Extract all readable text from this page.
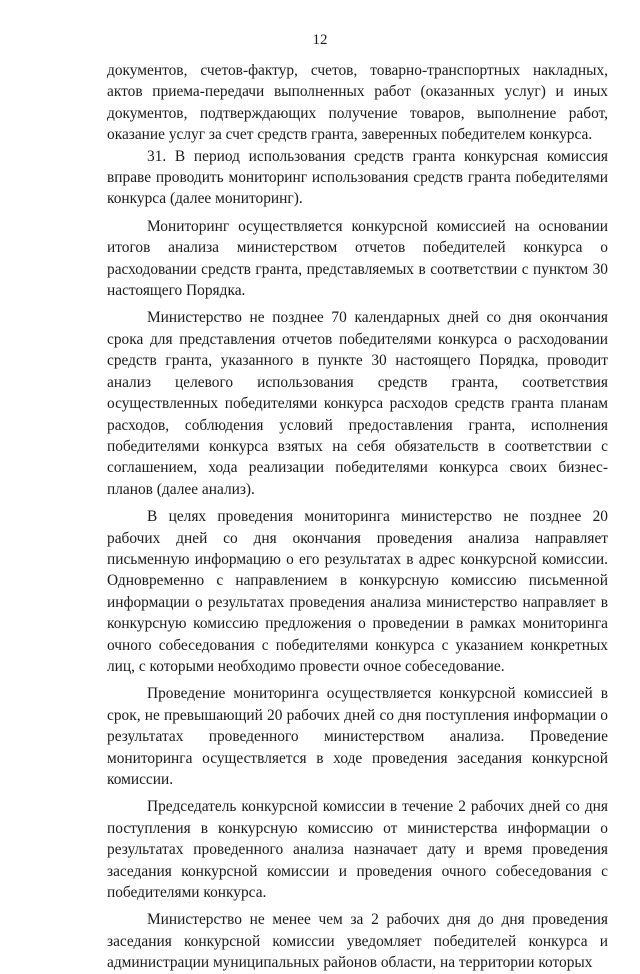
12

документов, счетов-фактур, счетов, товарно-транспортных накладных, актов приема-передачи выполненных работ (оказанных услуг) и иных документов, подтверждающих получение товаров, выполнение работ, оказание услуг за счет средств гранта, заверенных победителем конкурса.

31. В период использования средств гранта конкурсная комиссия вправе проводить мониторинг использования средств гранта победителями конкурса (далее мониторинг).

Мониторинг осуществляется конкурсной комиссией на основании итогов анализа министерством отчетов победителей конкурса о расходовании средств гранта, представляемых в соответствии с пунктом 30 настоящего Порядка.

Министерство не позднее 70 календарных дней со дня окончания срока для представления отчетов победителями конкурса о расходовании средств гранта, указанного в пункте 30 настоящего Порядка, проводит анализ целевого использования средств гранта, соответствия осуществленных победителями конкурса расходов средств гранта планам расходов, соблюдения условий предоставления гранта, исполнения победителями конкурса взятых на себя обязательств в соответствии с соглашением, хода реализации победителями конкурса своих бизнес-планов (далее анализ).

В целях проведения мониторинга министерство не позднее 20 рабочих дней со дня окончания проведения анализа направляет письменную информацию о его результатах в адрес конкурсной комиссии. Одновременно с направлением в конкурсную комиссию письменной информации о результатах проведения анализа министерство направляет в конкурсную комиссию предложения о проведении в рамках мониторинга очного собеседования с победителями конкурса с указанием конкретных лиц, с которыми необходимо провести очное собеседование.

Проведение мониторинга осуществляется конкурсной комиссией в срок, не превышающий 20 рабочих дней со дня поступления информации о результатах проведенного министерством анализа. Проведение мониторинга осуществляется в ходе проведения заседания конкурсной комиссии.

Председатель конкурсной комиссии в течение 2 рабочих дней со дня поступления в конкурсную комиссию от министерства информации о результатах проведенного анализа назначает дату и время проведения заседания конкурсной комиссии и проведения очного собеседования с победителями конкурса.

Министерство не менее чем за 2 рабочих дня до дня проведения заседания конкурсной комиссии уведомляет победителей конкурса и администрации муниципальных районов области, на территории которых
